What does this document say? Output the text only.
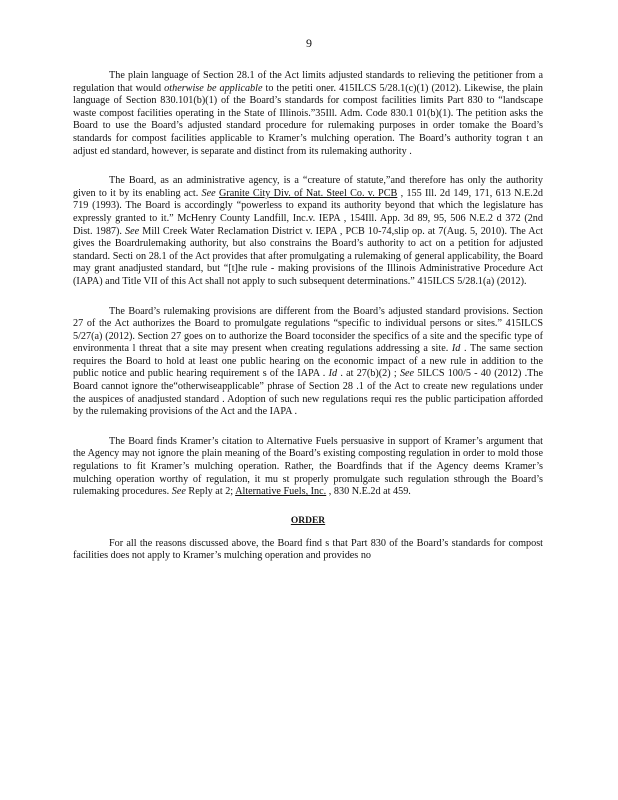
9

The plain language of Section 28.1 of the Act limits adjusted standards to relieving the petitioner from a regulation that would otherwise be applicable to the petiti oner. 415ILCS 5/28.1(c)(1) (2012). Likewise, the plain language of Section 830.101(b)(1) of the Board’s standards for compost facilities limits Part 830 to “landscape waste compost facilities operating in the State of Illinois.”35Ill. Adm. Code 830.1 01(b)(1). The petition asks the Board to use the Board’s adjusted standard procedure for rulemaking purposes in order tomake the Board’s standards for compost facilities applicable to Kramer’s mulching operation. The Board’s authority togran t an adjust ed standard, however, is separate and distinct from its rulemaking authority .

The Board, as an administrative agency, is a “creature of statute,”and therefore has only the authority given to it by its enabling act. See Granite City Div. of Nat. Steel Co. v. PCB , 155 Ill. 2d 149, 171, 613 N.E.2d 719 (1993). The Board is accordingly “powerless to expand its authority beyond that which the legislature has expressly granted to it.” McHenry County Landfill, Inc.v. IEPA , 154Ill. App. 3d 89, 95, 506 N.E.2 d 372 (2nd Dist. 1987). See Mill Creek Water Reclamation District v. IEPA , PCB 10-74,slip op. at 7(Aug. 5, 2010). The Act gives the Boardrulemaking authority, but also constrains the Board’s authority to act on a petition for adjusted standard. Secti on 28.1 of the Act provides that after promulgating a rulemaking of general applicability, the Board may grant anadjusted standard, but “[t]he rule - making provisions of the Illinois Administrative Procedure Act (IAPA) and Title VII of this Act shall not apply to such subsequent determinations.” 415ILCS 5/28.1(a) (2012).

The Board’s rulemaking provisions are different from the Board’s adjusted standard provisions. Section 27 of the Act authorizes the Board to promulgate regulations “specific to individual persons or sites.” 415ILCS 5/27(a) (2012). Section 27 goes on to authorize the Board toconsider the specifics of a site and the specific type of environmenta l threat that a site may present when creating regulations addressing a site. Id . The same section requires the Board to hold at least one public hearing on the economic impact of a new rule in addition to the public notice and public hearing requirement s of the IAPA . Id . at 27(b)(2) ; See 5ILCS 100/5 - 40 (2012) .The Board cannot ignore the“otherwiseapplicable” phrase of Section 28 .1 of the Act to create new regulations under the auspices of anadjusted standard . Adoption of such new regulations requi res the public participation afforded by the rulemaking provisions of the Act and the IAPA .

The Board finds Kramer’s citation to Alternative Fuels persuasive in support of Kramer’s argument that the Agency may not ignore the plain meaning of the Board’s existing composting regulation in order to mold those regulations to fit Kramer’s mulching operation. Rather, the Boardfinds that if the Agency deems Kramer’s mulching operation worthy of regulation, it mu st properly promulgate such regulation sthrough the Board’s rulemaking procedures. See Reply at 2; Alternative Fuels, Inc. , 830 N.E.2d at 459.

ORDER

For all the reasons discussed above, the Board find s that Part 830 of the Board’s standards for compost facilities does not apply to Kramer’s mulching operation and provides no
